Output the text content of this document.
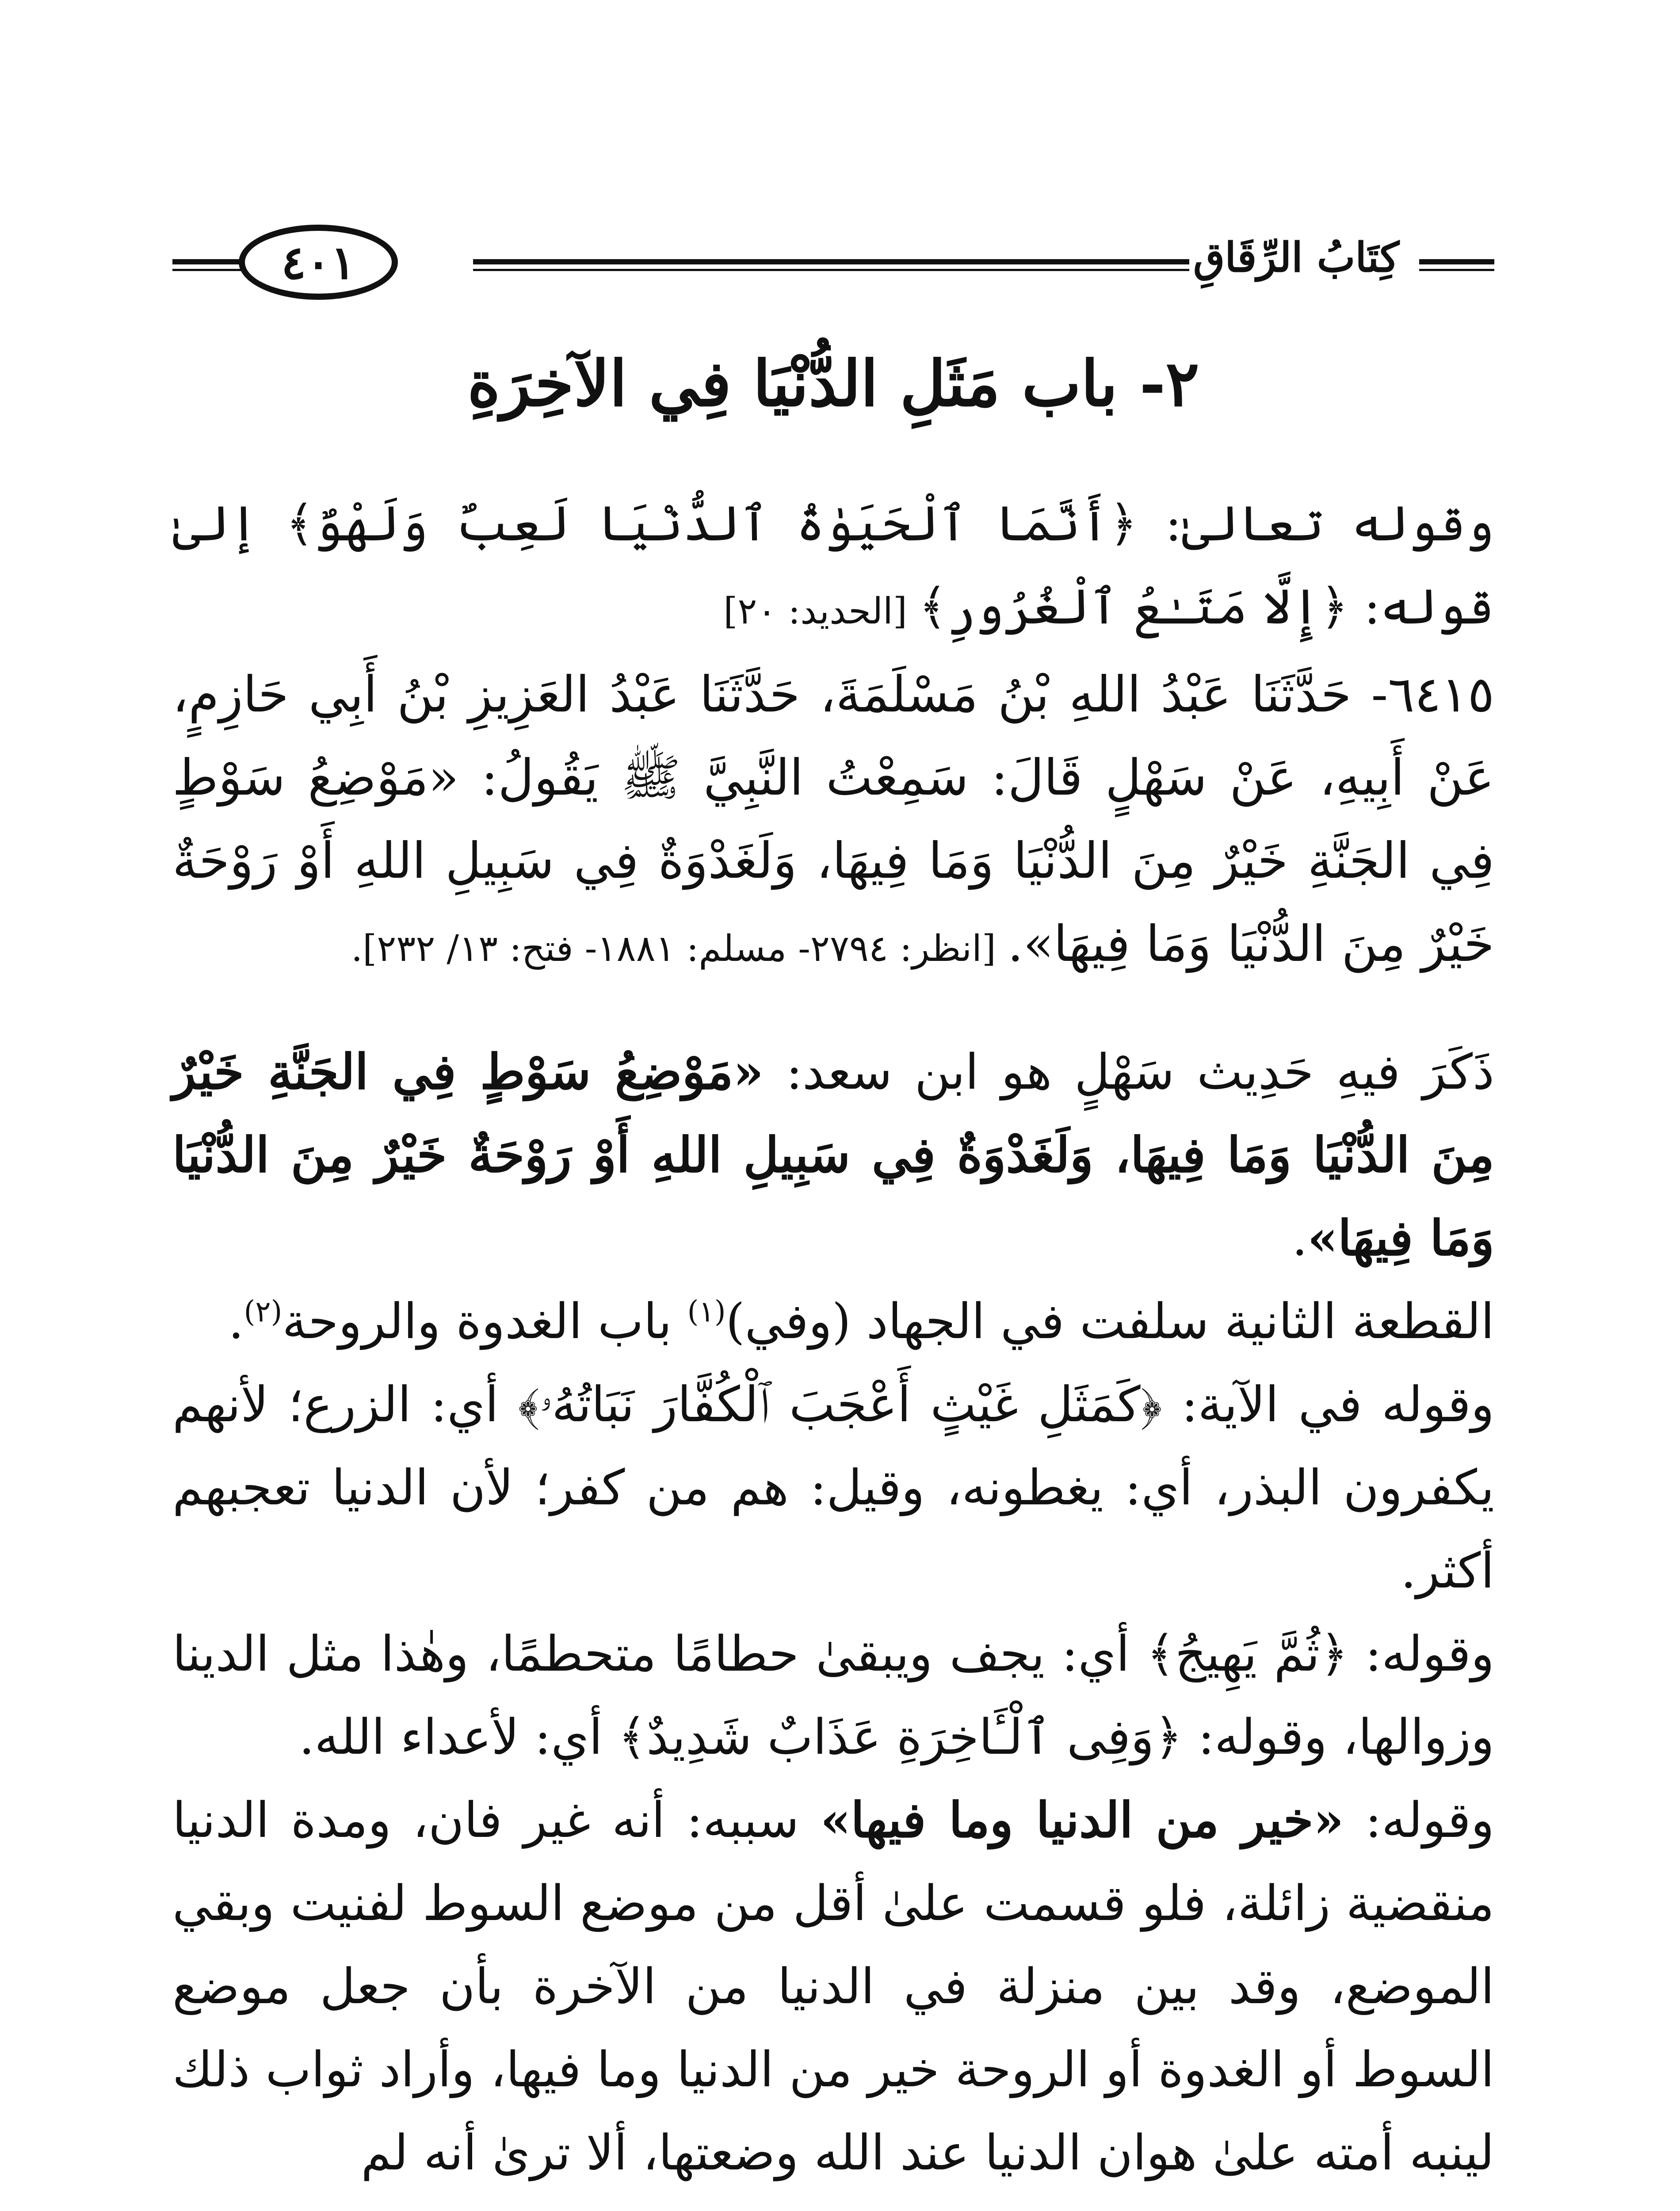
كِتَابُ الرِّقَاقِ
٤٠١
٢- باب مَثَلِ الدُّنْيَا فِي الآخِرَةِ

وقوله تعالىٰ: ﴿أَنَّمَا ٱلْحَيَوٰةُ ٱلدُّنْيَا لَعِبٌ وَلَهْوٌ﴾ إلىٰ قوله: ﴿إِلَّا مَتَـٰعُ ٱلْغُرُورِ﴾ [الحديد: ٢٠]

٦٤١٥- حَدَّثَنَا عَبْدُ اللهِ بْنُ مَسْلَمَةَ، حَدَّثَنَا عَبْدُ العَزِيزِ بْنُ أَبِي حَازِمٍ، عَنْ أَبِيهِ، عَنْ سَهْلٍ قَالَ: سَمِعْتُ النَّبِيَّ ﷺ يَقُولُ: «مَوْضِعُ سَوْطٍ فِي الجَنَّةِ خَيْرٌ مِنَ الدُّنْيَا وَمَا فِيهَا، وَلَغَدْوَةٌ فِي سَبِيلِ اللهِ أَوْ رَوْحَةٌ خَيْرٌ مِنَ الدُّنْيَا وَمَا فِيهَا». [انظر: ٢٧٩٤- مسلم: ١٨٨١- فتح: ١٣/ ٢٣٢].

ذَكَرَ فيهِ حَدِيث سَهْلٍ هو ابن سعد: «مَوْضِعُ سَوْطٍ فِي الجَنَّةِ خَيْرٌ مِنَ الدُّنْيَا وَمَا فِيهَا، وَلَغَدْوَةٌ فِي سَبِيلِ اللهِ أَوْ رَوْحَةٌ خَيْرٌ مِنَ الدُّنْيَا وَمَا فِيهَا».

القطعة الثانية سلفت في الجهاد (وفي)$^{(١)}$ باب الغدوة والروحة$^{(٢)}$.

وقوله في الآية: ﴿كَمَثَلِ غَيْثٍ أَعْجَبَ ٱلْكُفَّارَ نَبَاتُهُۥ﴾ أي: الزرع؛ لأنهم يكفرون البذر، أي: يغطونه، وقيل: هم من كفر؛ لأن الدنيا تعجبهم أكثر.

وقوله: ﴿ثُمَّ يَهِيجُ﴾ أي: يجف ويبقىٰ حطامًا متحطمًا، وهٰذا مثل الدينا وزوالها، وقوله: ﴿وَفِى ٱلْـَٔاخِرَةِ عَذَابٌ شَدِيدٌ﴾ أي: لأعداء الله.

وقوله: «خير من الدنيا وما فيها» سببه: أنه غير فان، ومدة الدنيا منقضية زائلة، فلو قسمت علىٰ أقل من موضع السوط لفنيت وبقي الموضع، وقد بين منزلة في الدنيا من الآخرة بأن جعل موضع السوط أو الغدوة أو الروحة خير من الدنيا وما فيها، وأراد ثواب ذلك لينبه أمته علىٰ هوان الدنيا عند الله وضعتها، ألا ترىٰ أنه لم
